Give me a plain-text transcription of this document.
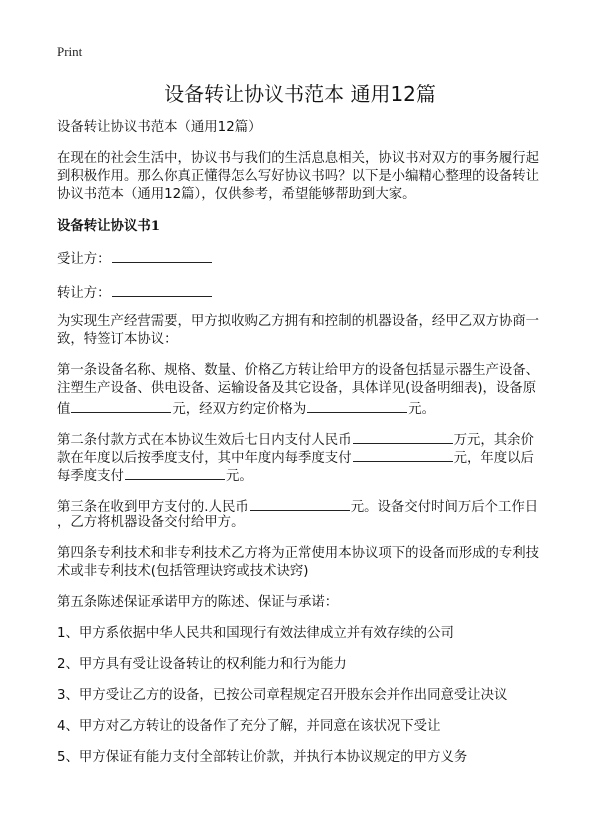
Print
设备转让协议书范本 通用12篇
设备转让协议书范本（通用12篇）
在现在的社会生活中，协议书与我们的生活息息相关，协议书对双方的事务履行起
到积极作用。那么你真正懂得怎么写好协议书吗？以下是小编精心整理的设备转让
协议书范本（通用12篇），仅供参考，希望能够帮助到大家。
设备转让协议书1
受让方：
转让方：
为实现生产经营需要，甲方拟收购乙方拥有和控制的机器设备，经甲乙双方协商一
致，特签订本协议：
第一条设备名称、规格、数量、价格乙方转让给甲方的设备包括显示器生产设备、
注塑生产设备、供电设备、运输设备及其它设备，具体详见(设备明细表)，设备原
值	元，经双方约定价格为	元。
第二条付款方式在本协议生效后七日内支付人民币	万元，其余价
款在年度以后按季度支付，其中年度内每季度支付	元，年度以后
每季度支付	元。
第三条在收到甲方支付的.人民币	元。设备交付时间万后个工作日
，乙方将机器设备交付给甲方。
第四条专利技术和非专利技术乙方将为正常使用本协议项下的设备而形成的专利技
术或非专利技术(包括管理诀窍或技术诀窍)
第五条陈述保证承诺甲方的陈述、保证与承诺：
1、甲方系依据中华人民共和国现行有效法律成立并有效存续的公司
2、甲方具有受让设备转让的权利能力和行为能力
3、甲方受让乙方的设备，已按公司章程规定召开股东会并作出同意受让决议
4、甲方对乙方转让的设备作了充分了解，并同意在该状况下受让
5、甲方保证有能力支付全部转让价款，并执行本协议规定的甲方义务
